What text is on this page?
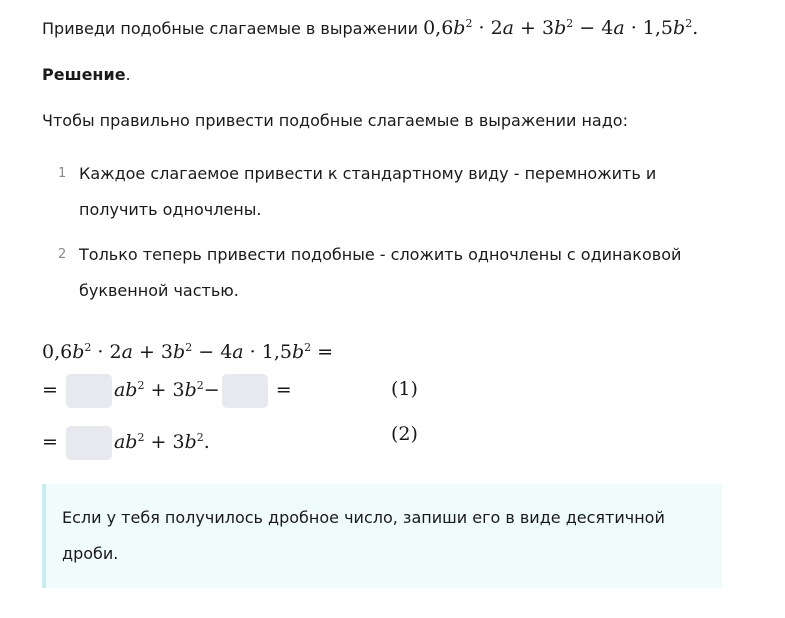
Приведи подобные слагаемые в выражении $0,6b^2 \cdot 2a + 3b^2 - 4a \cdot 1,5b^2$.
Решение.
Чтобы правильно привести подобные слагаемые в выражении надо:
1 Каждое слагаемое привести к стандартному виду - перемножить и получить одночлены.
2 Только теперь привести подобные - сложить одночлены с одинаковой буквенной частью.
$0,6b^2 \cdot 2a + 3b^2 - 4a \cdot 1,5b^2$ =
=	$ab^2 + 3b^2-$	=	(1)
=	$ab^2 + 3b^2$.	(2)
Если у тебя получилось дробное число, запиши его в виде десятичной дроби.
